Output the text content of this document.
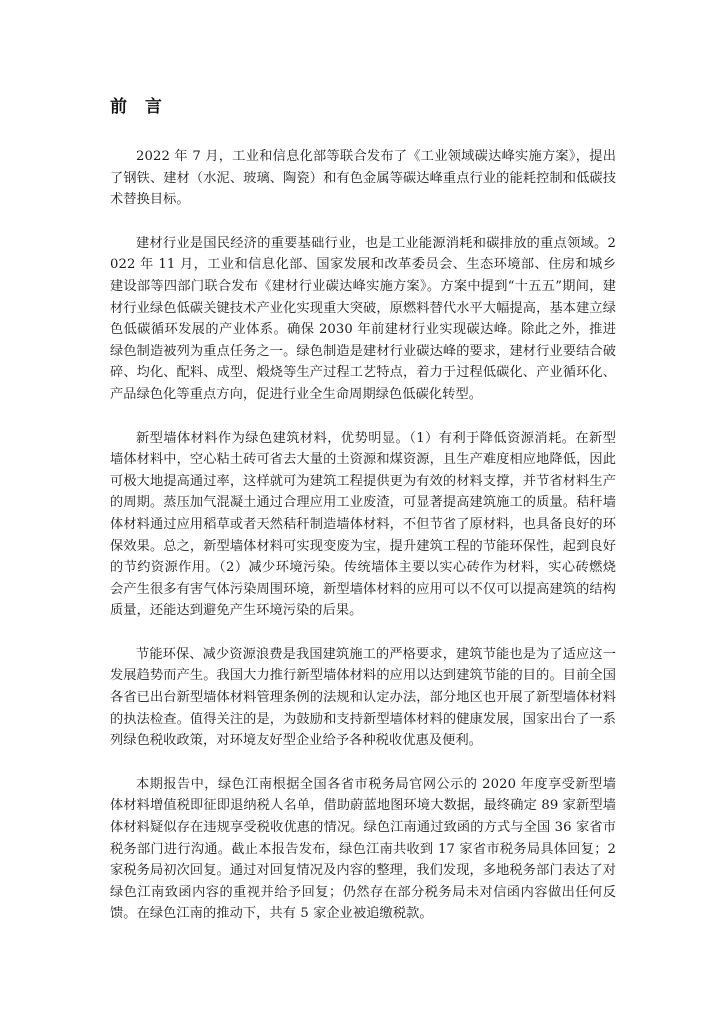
前 言

2022 年 7 月，工业和信息化部等联合发布了《工业领域碳达峰实施方案》，提出了钢铁、建材（水泥、玻璃、陶瓷）和有色金属等碳达峰重点行业的能耗控制和低碳技术替换目标。

建材行业是国民经济的重要基础行业，也是工业能源消耗和碳排放的重点领域。2022 年 11 月，工业和信息化部、国家发展和改革委员会、生态环境部、住房和城乡建设部等四部门联合发布《建材行业碳达峰实施方案》。方案中提到“十五五”期间，建材行业绿色低碳关键技术产业化实现重大突破，原燃料替代水平大幅提高，基本建立绿色低碳循环发展的产业体系。确保 2030 年前建材行业实现碳达峰。除此之外，推进绿色制造被列为重点任务之一。绿色制造是建材行业碳达峰的要求，建材行业要结合破碎、均化、配料、成型、煅烧等生产过程工艺特点，着力于过程低碳化、产业循环化、产品绿色化等重点方向，促进行业全生命周期绿色低碳化转型。

新型墙体材料作为绿色建筑材料，优势明显。（1）有利于降低资源消耗。在新型墙体材料中，空心粘土砖可省去大量的土资源和煤资源，且生产难度相应地降低，因此可极大地提高通过率，这样就可为建筑工程提供更为有效的材料支撑，并节省材料生产的周期。蒸压加气混凝土通过合理应用工业废渣，可显著提高建筑施工的质量。秸秆墙体材料通过应用稻草或者天然秸秆制造墙体材料，不但节省了原材料，也具备良好的环保效果。总之，新型墙体材料可实现变废为宝，提升建筑工程的节能环保性，起到良好的节约资源作用。（2）减少环境污染。传统墙体主要以实心砖作为材料，实心砖燃烧会产生很多有害气体污染周围环境，新型墙体材料的应用可以不仅可以提高建筑的结构质量，还能达到避免产生环境污染的后果。

节能环保、减少资源浪费是我国建筑施工的严格要求，建筑节能也是为了适应这一发展趋势而产生。我国大力推行新型墙体材料的应用以达到建筑节能的目的。目前全国各省已出台新型墙体材料管理条例的法规和认定办法，部分地区也开展了新型墙体材料的执法检查。值得关注的是，为鼓励和支持新型墙体材料的健康发展，国家出台了一系列绿色税收政策，对环境友好型企业给予各种税收优惠及便利。

本期报告中，绿色江南根据全国各省市税务局官网公示的 2020 年度享受新型墙体材料增值税即征即退纳税人名单，借助蔚蓝地图环境大数据，最终确定 89 家新型墙体材料疑似存在违规享受税收优惠的情况。绿色江南通过致函的方式与全国 36 家省市税务部门进行沟通。截止本报告发布，绿色江南共收到 17 家省市税务局具体回复；2 家税务局初次回复。通过对回复情况及内容的整理，我们发现，多地税务部门表达了对绿色江南致函内容的重视并给予回复；仍然存在部分税务局未对信函内容做出任何反馈。在绿色江南的推动下，共有 5 家企业被追缴税款。
